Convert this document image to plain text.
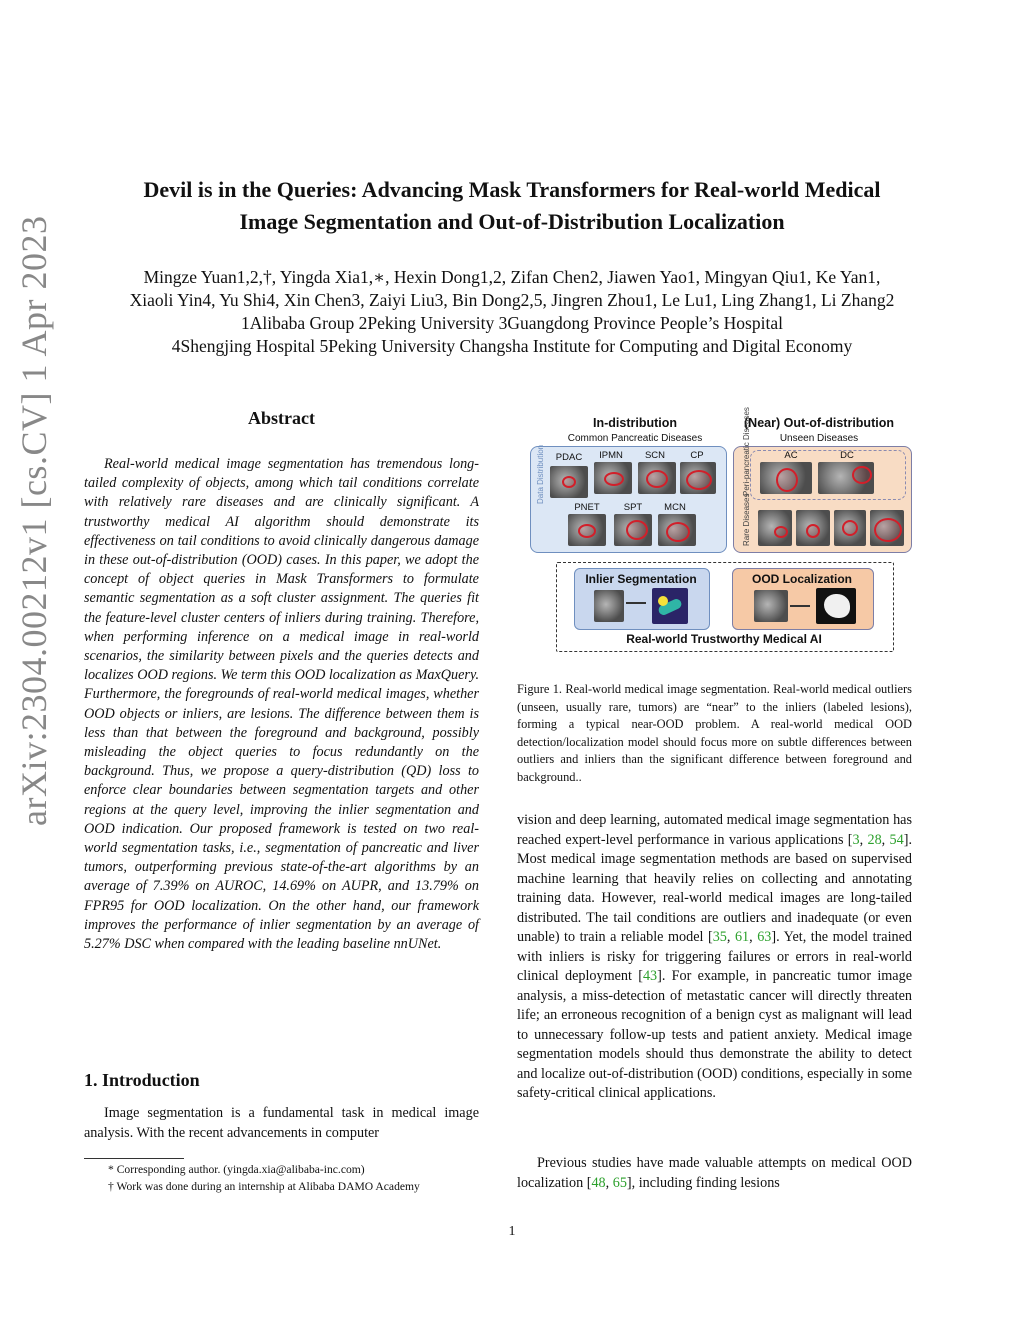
Devil is in the Queries: Advancing Mask Transformers for Real-world Medical
Image Segmentation and Out-of-Distribution Localization
Mingze Yuan1,2,†, Yingda Xia1,∗, Hexin Dong1,2, Zifan Chen2, Jiawen Yao1, Mingyan Qiu1, Ke Yan1,
Xiaoli Yin4, Yu Shi4, Xin Chen3, Zaiyi Liu3, Bin Dong2,5, Jingren Zhou1, Le Lu1, Ling Zhang1, Li Zhang2
1Alibaba Group 2Peking University 3Guangdong Province People’s Hospital
4Shengjing Hospital 5Peking University Changsha Institute for Computing and Digital Economy
arXiv:2304.00212v1 [cs.CV] 1 Apr 2023	Abstract
Real-world medical image segmentation has tremendous long-tailed complexity of objects, among which tail conditions correlate with relatively rare diseases and are clinically significant. A trustworthy medical AI algorithm should demonstrate its effectiveness on tail conditions to avoid clinically dangerous damage in these out-of-distribution (OOD) cases. In this paper, we adopt the concept of object queries in Mask Transformers to formulate semantic segmentation as a soft cluster assignment. The queries fit the feature-level cluster centers of inliers during training. Therefore, when performing inference on a medical image in real-world scenarios, the similarity between pixels and the queries detects and localizes OOD regions. We term this OOD localization as MaxQuery. Furthermore, the foregrounds of real-world medical images, whether OOD objects or inliers, are lesions. The difference between them is less than that between the foreground and background, possibly misleading the object queries to focus redundantly on the background. Thus, we propose a query-distribution (QD) loss to enforce clear boundaries between segmentation targets and other regions at the query level, improving the inlier segmentation and OOD indication. Our proposed framework is tested on two real-world segmentation tasks, i.e., segmentation of pancreatic and liver tumors, outperforming previous state-of-the-art algorithms by an average of 7.39% on AUROC, 14.69% on AUPR, and 13.79% on FPR95 for OOD localization. On the other hand, our framework improves the performance of inlier segmentation by an average of 5.27% DSC when compared with the leading baseline nnUNet.
1. Introduction
Image segmentation is a fundamental task in medical image analysis. With the recent advancements in computer
* Corresponding author. (yingda.xia@alibaba-inc.com)
† Work was done during an internship at Alibaba DAMO Academy
In-distribution
Common Pancreatic Diseases
(Near) Out-of-distribution
Unseen Diseases
Data Distribution	PDAC	IPMN	SCN	CP
PNET	SPT	MCN
Peri-pancreatic Diseases
Rare Diseases
AC	DC
Inlier Segmentation	OOD Localization
Real-world Trustworthy Medical AI
Figure 1. Real-world medical image segmentation. Real-world medical outliers (unseen, usually rare, tumors) are “near” to the inliers (labeled lesions), forming a typical near-OOD problem. A real-world medical OOD detection/localization model should focus more on subtle differences between outliers and inliers than the significant difference between foreground and background..
vision and deep learning, automated medical image segmentation has reached expert-level performance in various applications [3, 28, 54]. Most medical image segmentation methods are based on supervised machine learning that heavily relies on collecting and annotating training data. However, real-world medical images are long-tailed distributed. The tail conditions are outliers and inadequate (or even unable) to train a reliable model [35, 61, 63]. Yet, the model trained with inliers is risky for triggering failures or errors in real-world clinical deployment [43]. For example, in pancreatic tumor image analysis, a miss-detection of metastatic cancer will directly threaten life; an erroneous recognition of a benign cyst as malignant will lead to unnecessary follow-up tests and patient anxiety. Medical image segmentation models should thus demonstrate the ability to detect and localize out-of-distribution (OOD) conditions, especially in some safety-critical clinical applications.
Previous studies have made valuable attempts on medical OOD localization [48, 65], including finding lesions
1
